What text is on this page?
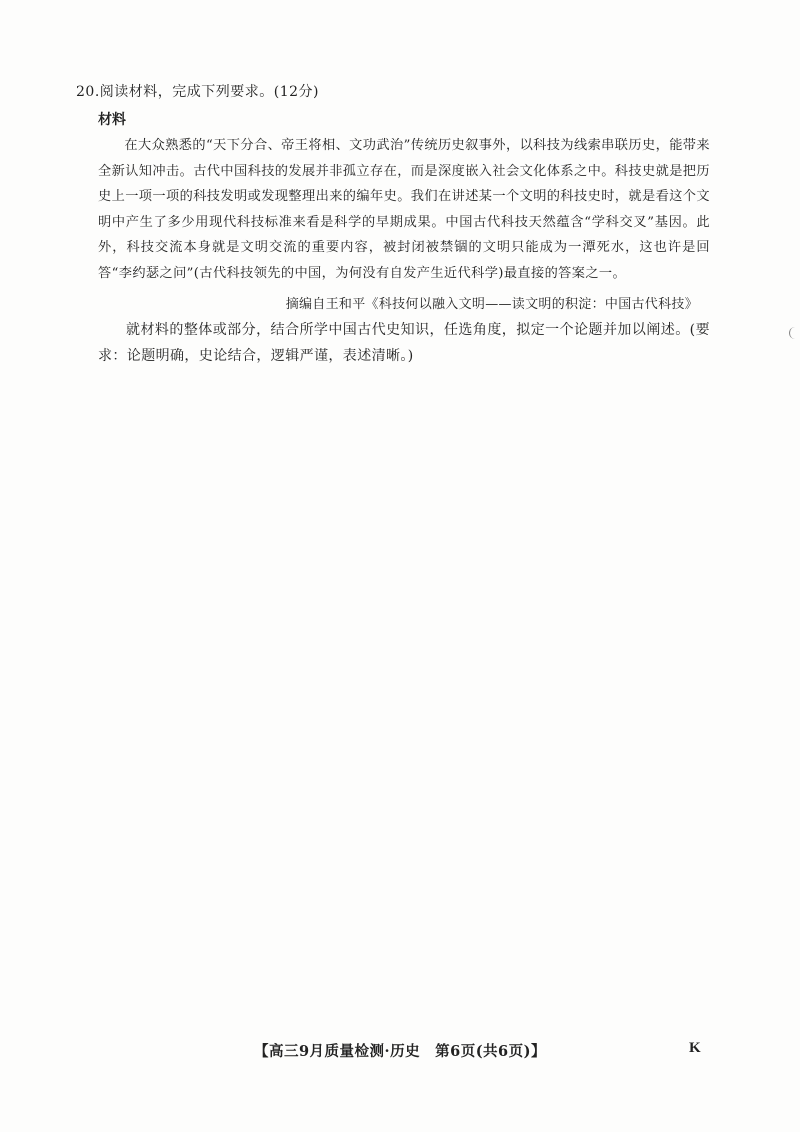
20.阅读材料，完成下列要求。(12分)
材料
在大众熟悉的“天下分合、帝王将相、文功武治”传统历史叙事外，以科技为线索串联历史，能带来全新认知冲击。古代中国科技的发展并非孤立存在，而是深度嵌入社会文化体系之中。科技史就是把历史上一项一项的科技发明或发现整理出来的编年史。我们在讲述某一个文明的科技史时，就是看这个文明中产生了多少用现代科技标准来看是科学的早期成果。中国古代科技天然蕴含“学科交叉”基因。此外，科技交流本身就是文明交流的重要内容，被封闭被禁锢的文明只能成为一潭死水，这也许是回答“李约瑟之问”(古代科技领先的中国，为何没有自发产生近代科学)最直接的答案之一。
摘编自王和平《科技何以融入文明——读文明的积淀：中国古代科技》
就材料的整体或部分，结合所学中国古代史知识，任选角度，拟定一个论题并加以阐述。(要求：论题明确，史论结合，逻辑严谨，表述清晰。)
【高三9月质量检测·历史　第6页(共6页)】	K
